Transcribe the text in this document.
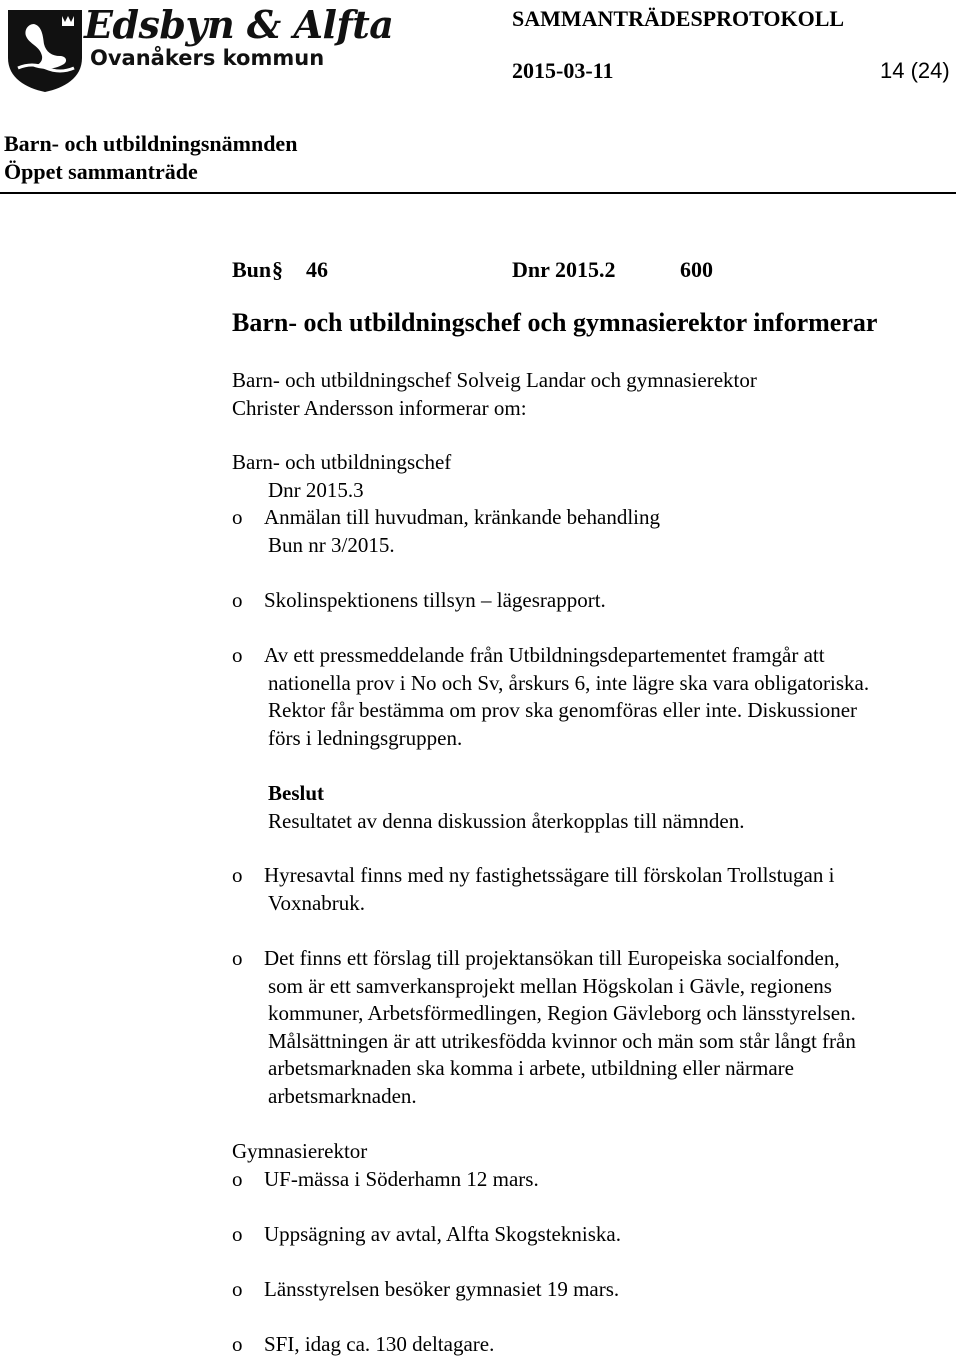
Edsbyn & Alfta
Ovanåkers kommun
SAMMANTRÄDESPROTOKOLL
2015-03-11	14 (24)
Barn- och utbildningsnämnden
Öppet sammanträde
Bun § 46	Dnr 2015.2	600
Barn- och utbildningschef och gymnasierektor informerar
Barn- och utbildningschef Solveig Landar och gymnasierektor
Christer Andersson informerar om:
Barn- och utbildningschef
Dnr 2015.3
o Anmälan till huvudman, kränkande behandling
Bun nr 3/2015.
o Skolinspektionens tillsyn – lägesrapport.
o Av ett pressmeddelande från Utbildningsdepartementet framgår att
nationella prov i No och Sv, årskurs 6, inte lägre ska vara obligatoriska.
Rektor får bestämma om prov ska genomföras eller inte. Diskussioner
förs i ledningsgruppen.
Beslut
Resultatet av denna diskussion återkopplas till nämnden.
o Hyresavtal finns med ny fastighetssägare till förskolan Trollstugan i
Voxnabruk.
o Det finns ett förslag till projektansökan till Europeiska socialfonden,
som är ett samverkansprojekt mellan Högskolan i Gävle, regionens
kommuner, Arbetsförmedlingen, Region Gävleborg och länsstyrelsen.
Målsättningen är att utrikesfödda kvinnor och män som står långt från
arbetsmarknaden ska komma i arbete, utbildning eller närmare
arbetsmarknaden.
Gymnasierektor
o UF-mässa i Söderhamn 12 mars.
o Uppsägning av avtal, Alfta Skogstekniska.
o Länsstyrelsen besöker gymnasiet 19 mars.
o SFI, idag ca. 130 deltagare.
